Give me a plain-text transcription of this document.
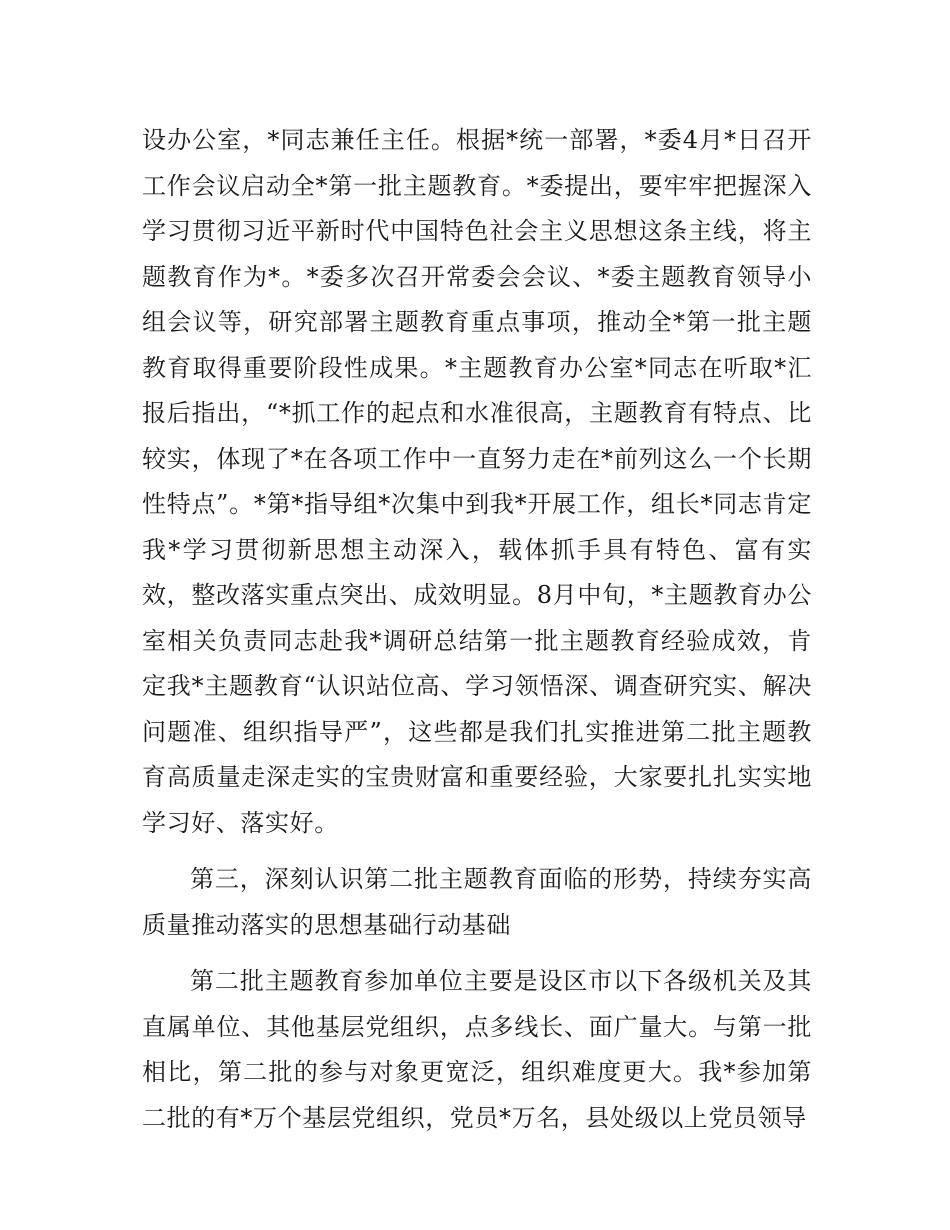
设办公室，*同志兼任主任。根据*统一部署，*委4月*日召开工作会议启动全*第一批主题教育。*委提出，要牢牢把握深入学习贯彻习近平新时代中国特色社会主义思想这条主线，将主题教育作为*。*委多次召开常委会会议、*委主题教育领导小组会议等，研究部署主题教育重点事项，推动全*第一批主题教育取得重要阶段性成果。*主题教育办公室*同志在听取*汇报后指出，“*抓工作的起点和水准很高，主题教育有特点、比较实，体现了*在各项工作中一直努力走在*前列这么一个长期性特点”。*第*指导组*次集中到我*开展工作，组长*同志肯定我*学习贯彻新思想主动深入，载体抓手具有特色、富有实效，整改落实重点突出、成效明显。8月中旬，*主题教育办公室相关负责同志赴我*调研总结第一批主题教育经验成效，肯定我*主题教育“认识站位高、学习领悟深、调查研究实、解决问题准、组织指导严”，这些都是我们扎实推进第二批主题教育高质量走深走实的宝贵财富和重要经验，大家要扎扎实实地学习好、落实好。

第三，深刻认识第二批主题教育面临的形势，持续夯实高质量推动落实的思想基础行动基础

第二批主题教育参加单位主要是设区市以下各级机关及其直属单位、其他基层党组织，点多线长、面广量大。与第一批相比，第二批的参与对象更宽泛，组织难度更大。我*参加第二批的有*万个基层党组织，党员*万名，县处级以上党员领导
